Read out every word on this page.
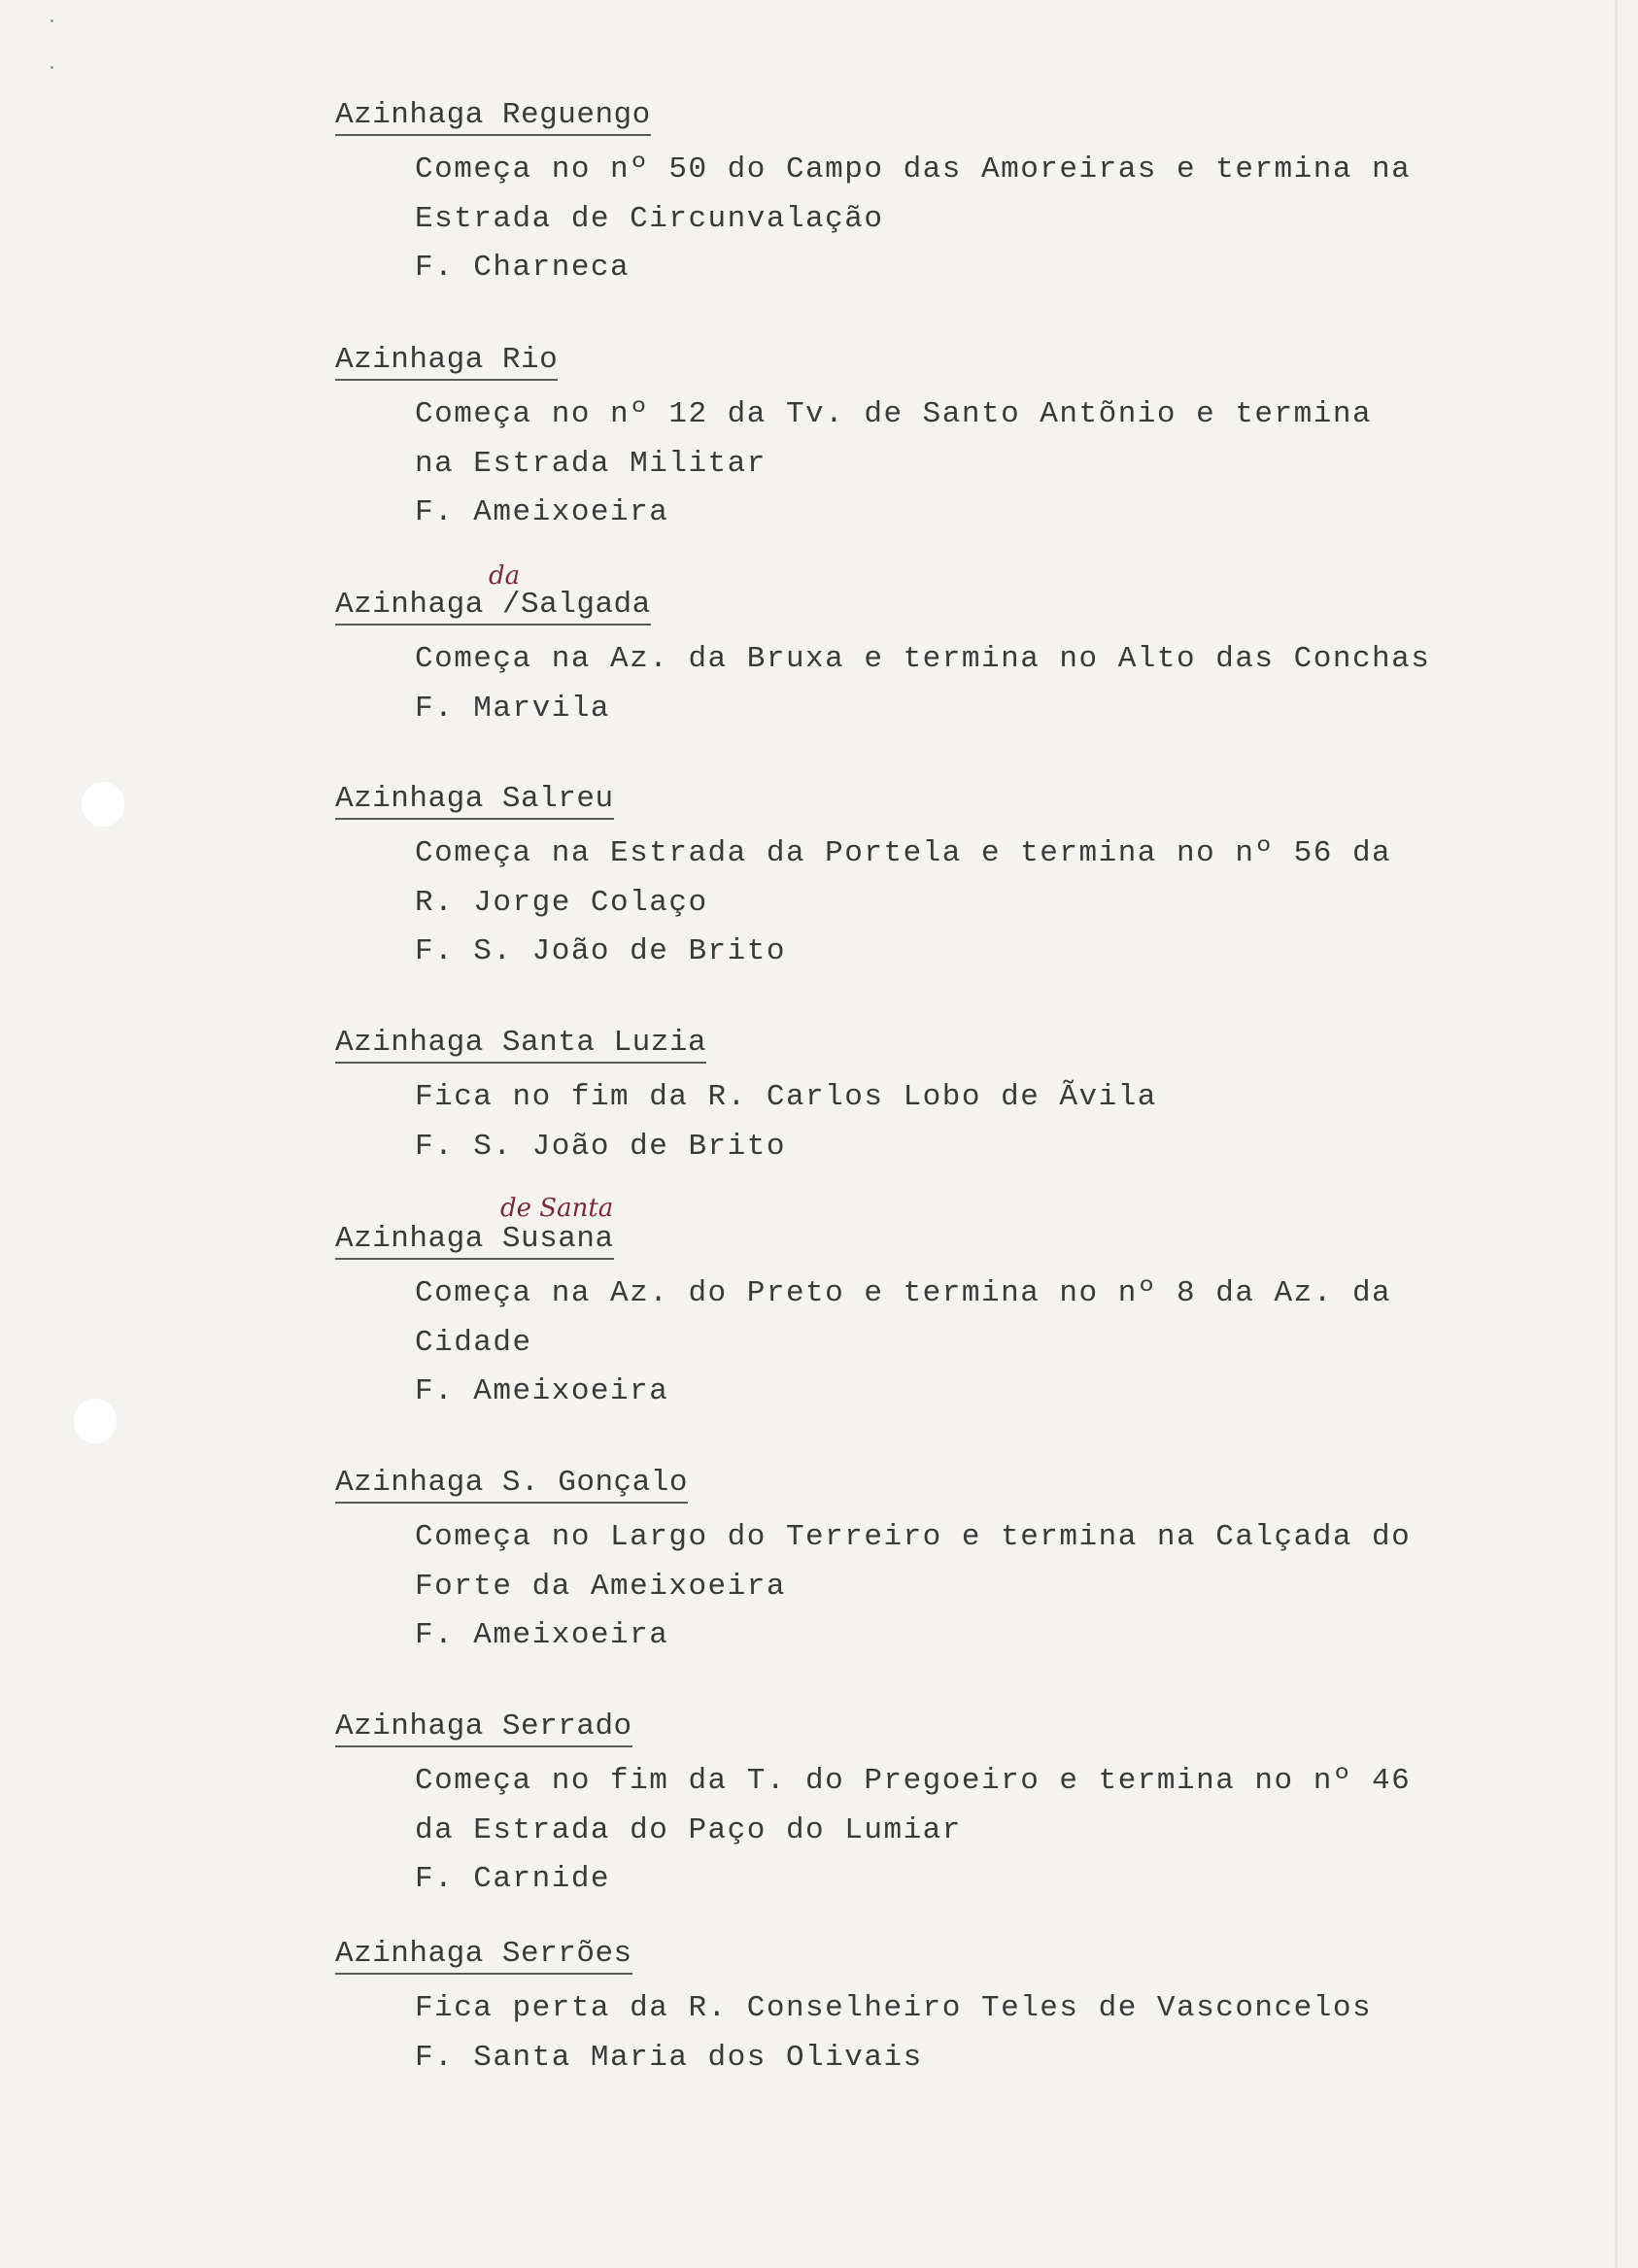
Azinhaga Reguengo
Começa no nº 50 do Campo das Amoreiras e termina na
Estrada de Circunvalação
F. Charneca
Azinhaga Rio
Começa no nº 12 da Tv. de Santo Antõnio e termina
na Estrada Militar
F. Ameixoeira
Azinhaga /Salgada
da
Começa na Az. da Bruxa e termina no Alto das Conchas
F. Marvila
Azinhaga Salreu
Começa na Estrada da Portela e termina no nº 56 da
R. Jorge Colaço
F. S. João de Brito
Azinhaga Santa Luzia
Fica no fim da R. Carlos Lobo de Ãvila
F. S. João de Brito
Azinhaga Susana
de Santa
Começa na Az. do Preto e termina no nº 8 da Az. da
Cidade
F. Ameixoeira
Azinhaga S. Gonçalo
Começa no Largo do Terreiro e termina na Calçada do
Forte da Ameixoeira
F. Ameixoeira
Azinhaga Serrado
Começa no fim da T. do Pregoeiro e termina no nº 46
da Estrada do Paço do Lumiar
F. Carnide
Azinhaga Serrões
Fica perta da R. Conselheiro Teles de Vasconcelos
F. Santa Maria dos Olivais
